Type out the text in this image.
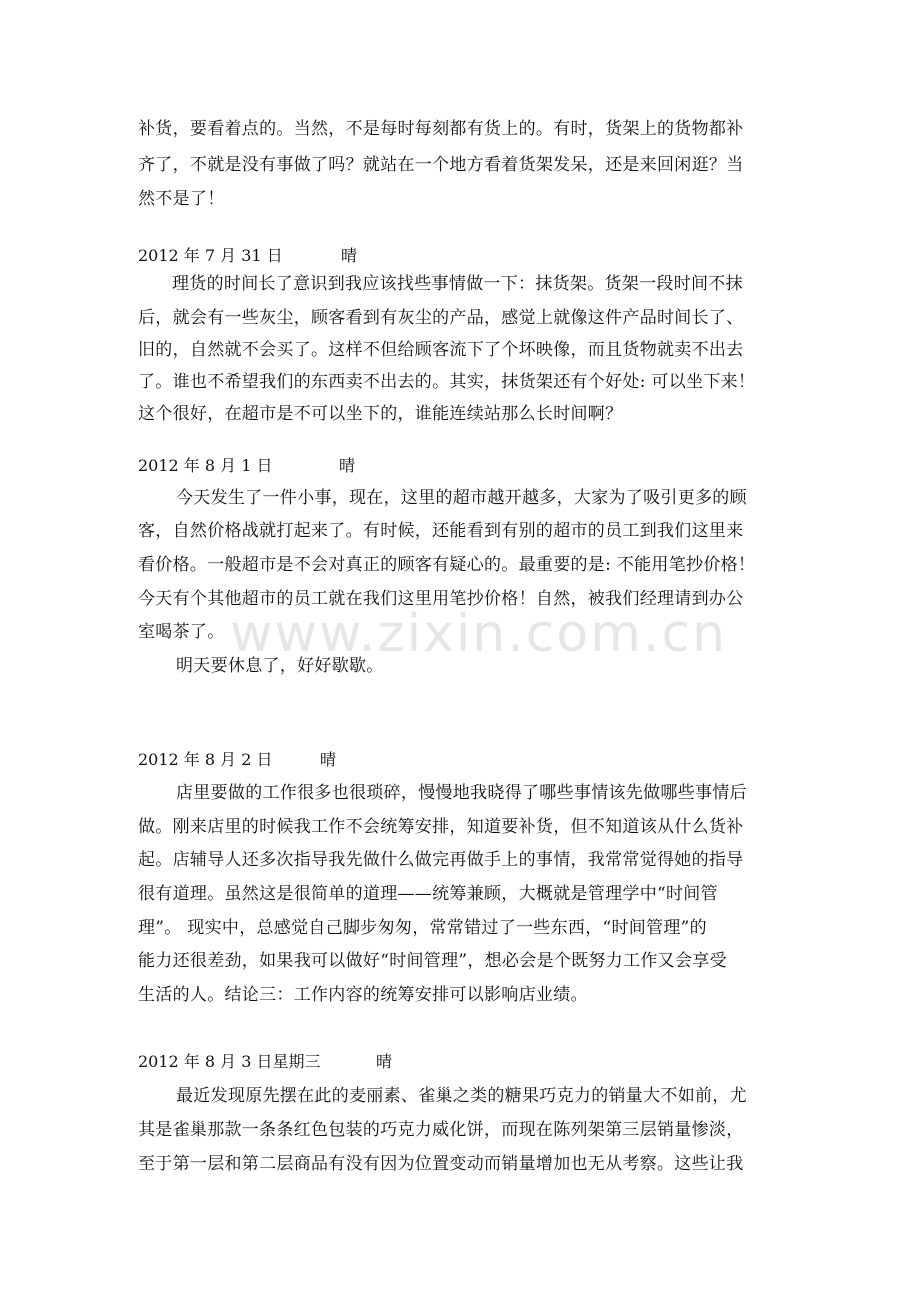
www.zixin.com.cn
补货，要看着点的。当然，不是每时每刻都有货上的。有时，货架上的货物都补
齐了，不就是没有事做了吗？就站在一个地方看着货架发呆，还是来回闲逛？当
然不是了！
2012 年 7 月 31 日	晴
理货的时间长了意识到我应该找些事情做一下：抹货架。货架一段时间不抹
后，就会有一些灰尘，顾客看到有灰尘的产品，感觉上就像这件产品时间长了、
旧的，自然就不会买了。这样不但给顾客流下了个坏映像，而且货物就卖不出去
了。谁也不希望我们的东西卖不出去的。其实，抹货架还有个好处: 可以坐下来！
这个很好，在超市是不可以坐下的，谁能连续站那么长时间啊？
2012 年 8 月 1 日	晴
今天发生了一件小事，现在，这里的超市越开越多，大家为了吸引更多的顾
客，自然价格战就打起来了。有时候，还能看到有别的超市的员工到我们这里来
看价格。一般超市是不会对真正的顾客有疑心的。最重要的是: 不能用笔抄价格！
今天有个其他超市的员工就在我们这里用笔抄价格！自然，被我们经理请到办公
室喝茶了。
明天要休息了，好好歇歇。
2012 年 8 月 2 日	晴
店里要做的工作很多也很琐碎，慢慢地我晓得了哪些事情该先做哪些事情后
做。刚来店里的时候我工作不会统筹安排，知道要补货，但不知道该从什么货补
起。店辅导人还多次指导我先做什么做完再做手上的事情，我常常觉得她的指导
很有道理。虽然这是很简单的道理——统筹兼顾，大概就是管理学中“时间管
理”。 现实中，总感觉自己脚步匆匆，常常错过了一些东西，“时间管理”的
能力还很差劲，如果我可以做好“时间管理”，想必会是个既努力工作又会享受
生活的人。结论三：工作内容的统筹安排可以影响店业绩。
2012 年 8 月 3 日星期三	晴
最近发现原先摆在此的麦丽素、雀巢之类的糖果巧克力的销量大不如前，尤
其是雀巢那款一条条红色包装的巧克力威化饼，而现在陈列架第三层销量惨淡，
至于第一层和第二层商品有没有因为位置变动而销量增加也无从考察。这些让我
